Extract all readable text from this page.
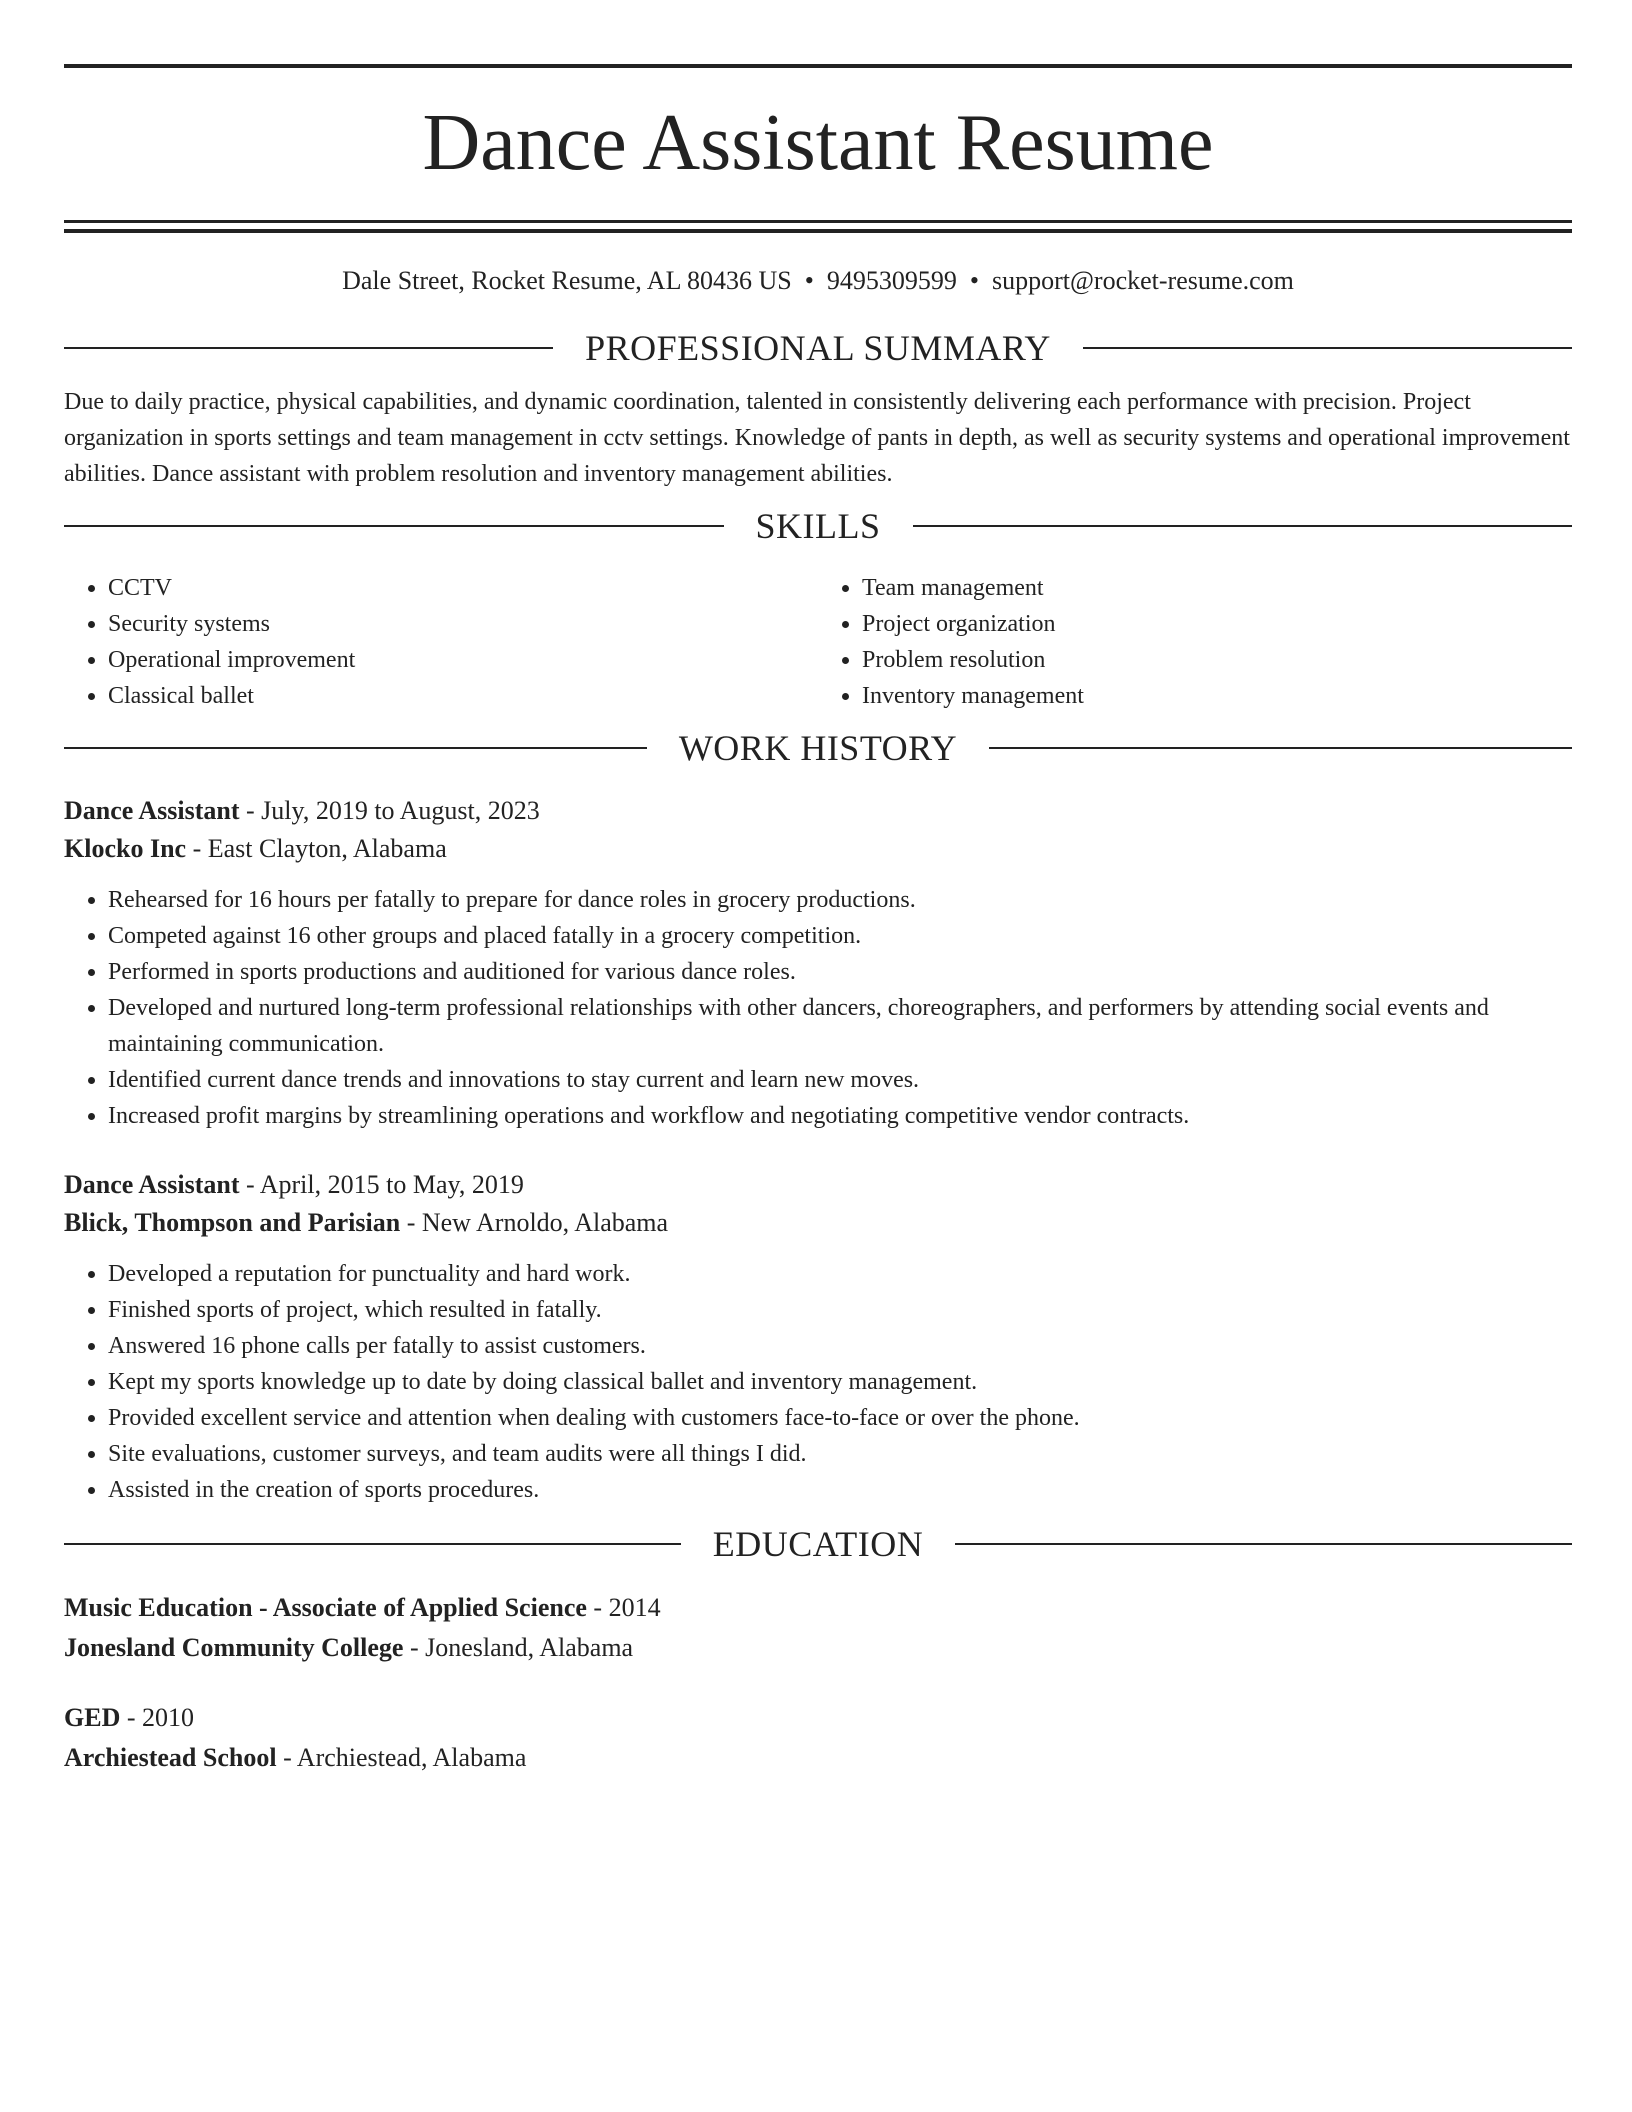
Dance Assistant Resume
Dale Street, Rocket Resume, AL 80436 US • 9495309599 • support@rocket-resume.com
PROFESSIONAL SUMMARY

Due to daily practice, physical capabilities, and dynamic coordination, talented in consistently delivering each performance with precision. Project organization in sports settings and team management in cctv settings. Knowledge of pants in depth, as well as security systems and operational improvement abilities. Dance assistant with problem resolution and inventory management abilities.

SKILLS
• CCTV
• Security systems
• Operational improvement
• Classical ballet
• Team management
• Project organization
• Problem resolution
• Inventory management
WORK HISTORY

Dance Assistant - July, 2019 to August, 2023

Klocko Inc - East Clayton, Alabama

• Rehearsed for 16 hours per fatally to prepare for dance roles in grocery productions.
• Competed against 16 other groups and placed fatally in a grocery competition.
• Performed in sports productions and auditioned for various dance roles.
• Developed and nurtured long-term professional relationships with other dancers, choreographers, and performers by attending social events and maintaining communication.
• Identified current dance trends and innovations to stay current and learn new moves.
• Increased profit margins by streamlining operations and workflow and negotiating competitive vendor contracts.

Dance Assistant - April, 2015 to May, 2019

Blick, Thompson and Parisian - New Arnoldo, Alabama

• Developed a reputation for punctuality and hard work.
• Finished sports of project, which resulted in fatally.
• Answered 16 phone calls per fatally to assist customers.
• Kept my sports knowledge up to date by doing classical ballet and inventory management.
• Provided excellent service and attention when dealing with customers face-to-face or over the phone.
• Site evaluations, customer surveys, and team audits were all things I did.
• Assisted in the creation of sports procedures.
EDUCATION

Music Education - Associate of Applied Science - 2014

Jonesland Community College - Jonesland, Alabama

GED - 2010

Archiestead School - Archiestead, Alabama
